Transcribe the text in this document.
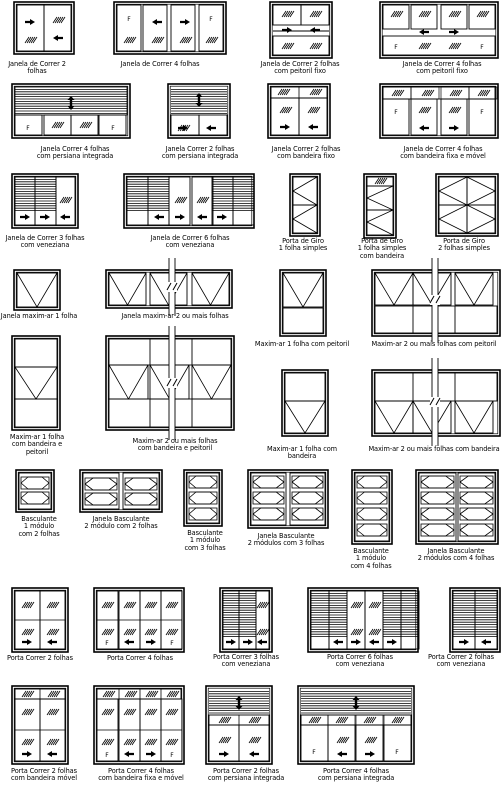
F	F
F	F
F	F
F	F
F	F
F	F	F	F
Janela de Correr 2 folhas
Janela de Correr 4 folhas	Janela de Correr 2 folhas
com peitoril fixo
Janela de Correr 4 folhas
com peitoril fixo
Janela Correr 4 folhas
com persiana integrada
Janela Correr 2 folhas
com persiana integrada
Janela Correr 2 folhas
com bandeira fixo
Janela de Correr 4 folhas
com bandeira fixa e móvel
Janela de Correr 3 folhas
com veneziana
Janela de Correr 6 folhas
com veneziana
Porta de Giro
1 folha simples
Porta de Giro
1 folha simples
com bandeira
Porta de Giro
2 folhas simples
Janela maxim-ar 1 folha	Janela maxim-ar 2 ou mais folhas
Maxim-ar 1 folha com peitoril	Maxim-ar 2 ou mais folhas com peitoril
Maxim-ar 1 folha
com bandeira e peitoril
Maxim-ar 2 ou mais folhas
com bandeira e peitoril	Maxim-ar 1 folha com bandeira
Maxim-ar 2 ou mais folhas com bandeira
Basculante
1 módulo
com 2 folhas
Janela Basculante
2 módulo com 2 folhas
Basculante
1 módulo
com 3 folhas
Janela Basculante
2 módulos com 3 folhas
Basculante
1 módulo
com 4 folhas
Janela Basculante
2 módulos com 4 folhas
Porta Correr 2 folhas	Porta Correr 4 folhas	Porta Correr 3 folhas
com veneziana
Porta Correr 6 folhas
com veneziana
Porta Correr 2 folhas
com veneziana
Porta Correr 2 folhas
com bandeira móvel
Porta Correr 4 folhas
com bandeira fixa e móvel
Porta Correr 2 folhas
com persiana integrada
Porta Correr 4 folhas
com persiana integrada
